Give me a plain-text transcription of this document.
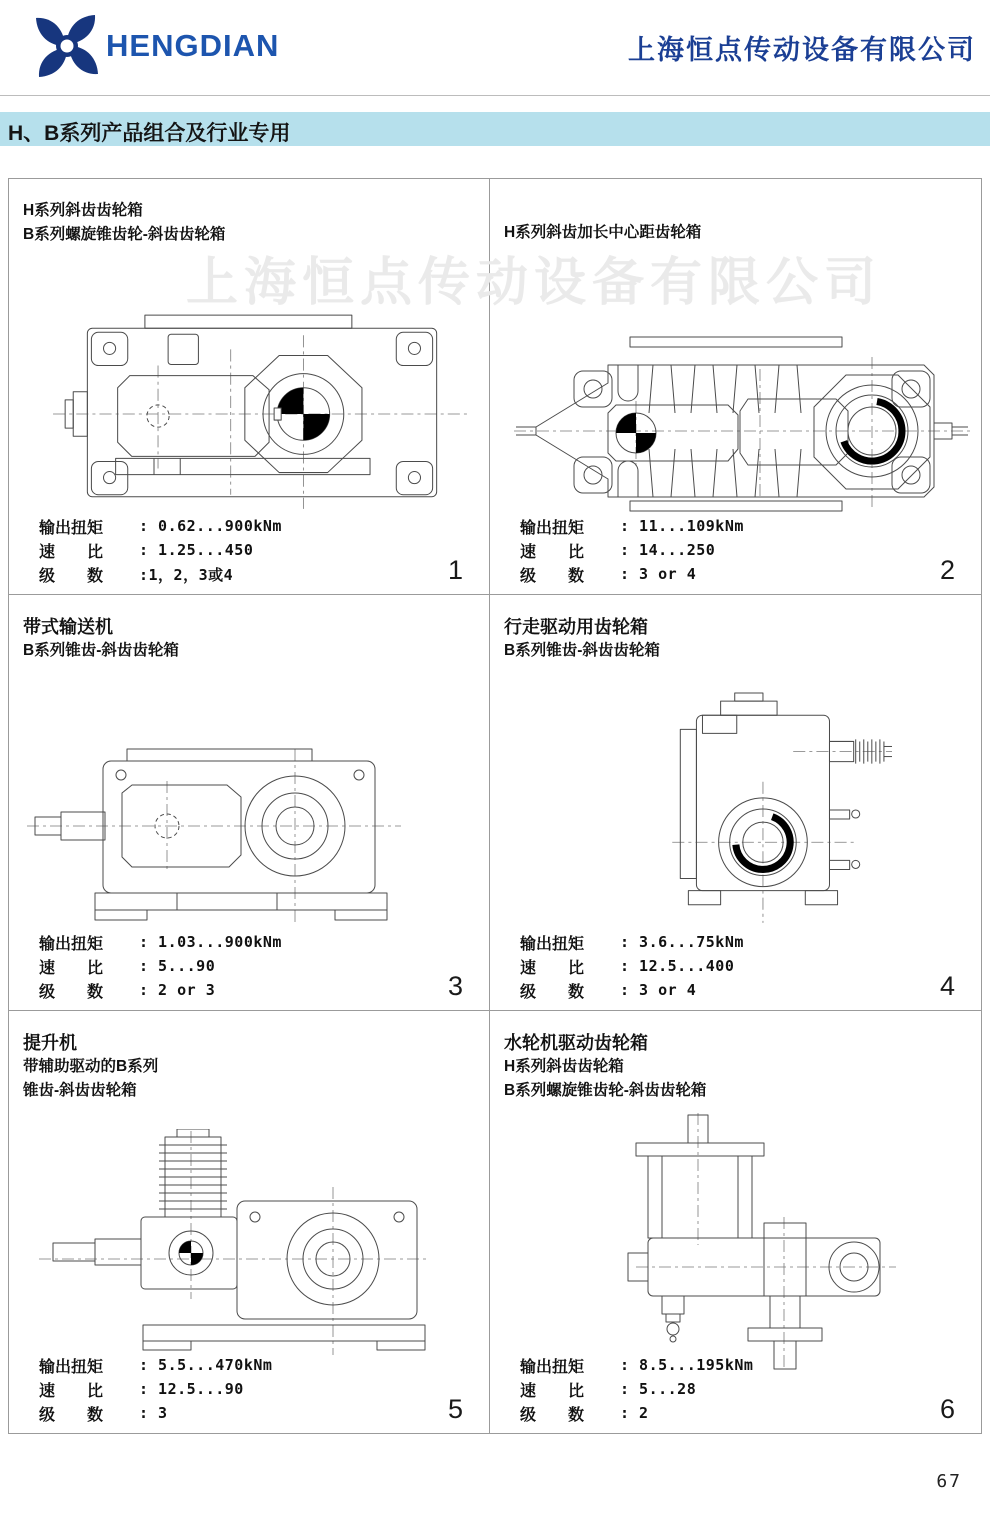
HENGDIAN	上海恒点传动设备有限公司
H、B系列产品组合及行业专用
H系列斜齿齿轮箱
B系列螺旋锥齿轮-斜齿齿轮箱
输出扭矩	: 0.62...900kNm
速　　比	: 1.25...450
级　　数	:1，2，3或4	1
H系列斜齿加长中心距齿轮箱
输出扭矩	: 11...109kNm
速　　比	: 14...250
级　　数	: 3 or 4	2
带式输送机
B系列锥齿-斜齿齿轮箱
输出扭矩	: 1.03...900kNm
速　　比	: 5...90
级　　数	: 2 or 3	3
行走驱动用齿轮箱
B系列锥齿-斜齿齿轮箱
输出扭矩	: 3.6...75kNm
速　　比	: 12.5...400
级　　数	: 3 or 4	4
提升机
带辅助驱动的B系列
锥齿-斜齿齿轮箱
输出扭矩	: 5.5...470kNm
速　　比	: 12.5...90
级　　数	: 3	5
水轮机驱动齿轮箱
H系列斜齿齿轮箱
B系列螺旋锥齿轮-斜齿齿轮箱
输出扭矩	: 8.5...195kNm
速　　比	: 5...28
级　　数	: 2	6
上海恒点传动设备有限公司
67
